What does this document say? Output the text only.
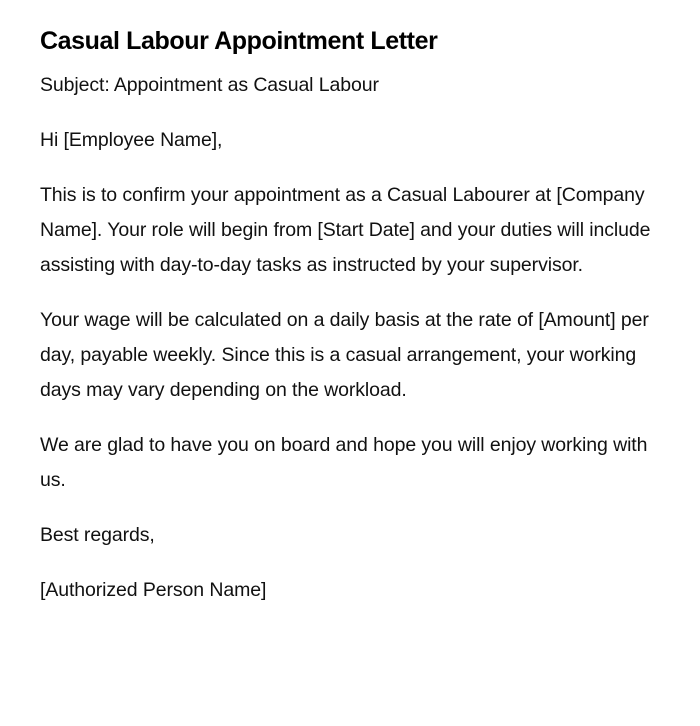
Casual Labour Appointment Letter

Subject: Appointment as Casual Labour

Hi [Employee Name],

This is to confirm your appointment as a Casual Labourer at [Company Name]. Your role will begin from [Start Date] and your duties will include assisting with day-to-day tasks as instructed by your supervisor.

Your wage will be calculated on a daily basis at the rate of [Amount] per day, payable weekly. Since this is a casual arrangement, your working days may vary depending on the workload.

We are glad to have you on board and hope you will enjoy working with us.

Best regards,

[Authorized Person Name]
